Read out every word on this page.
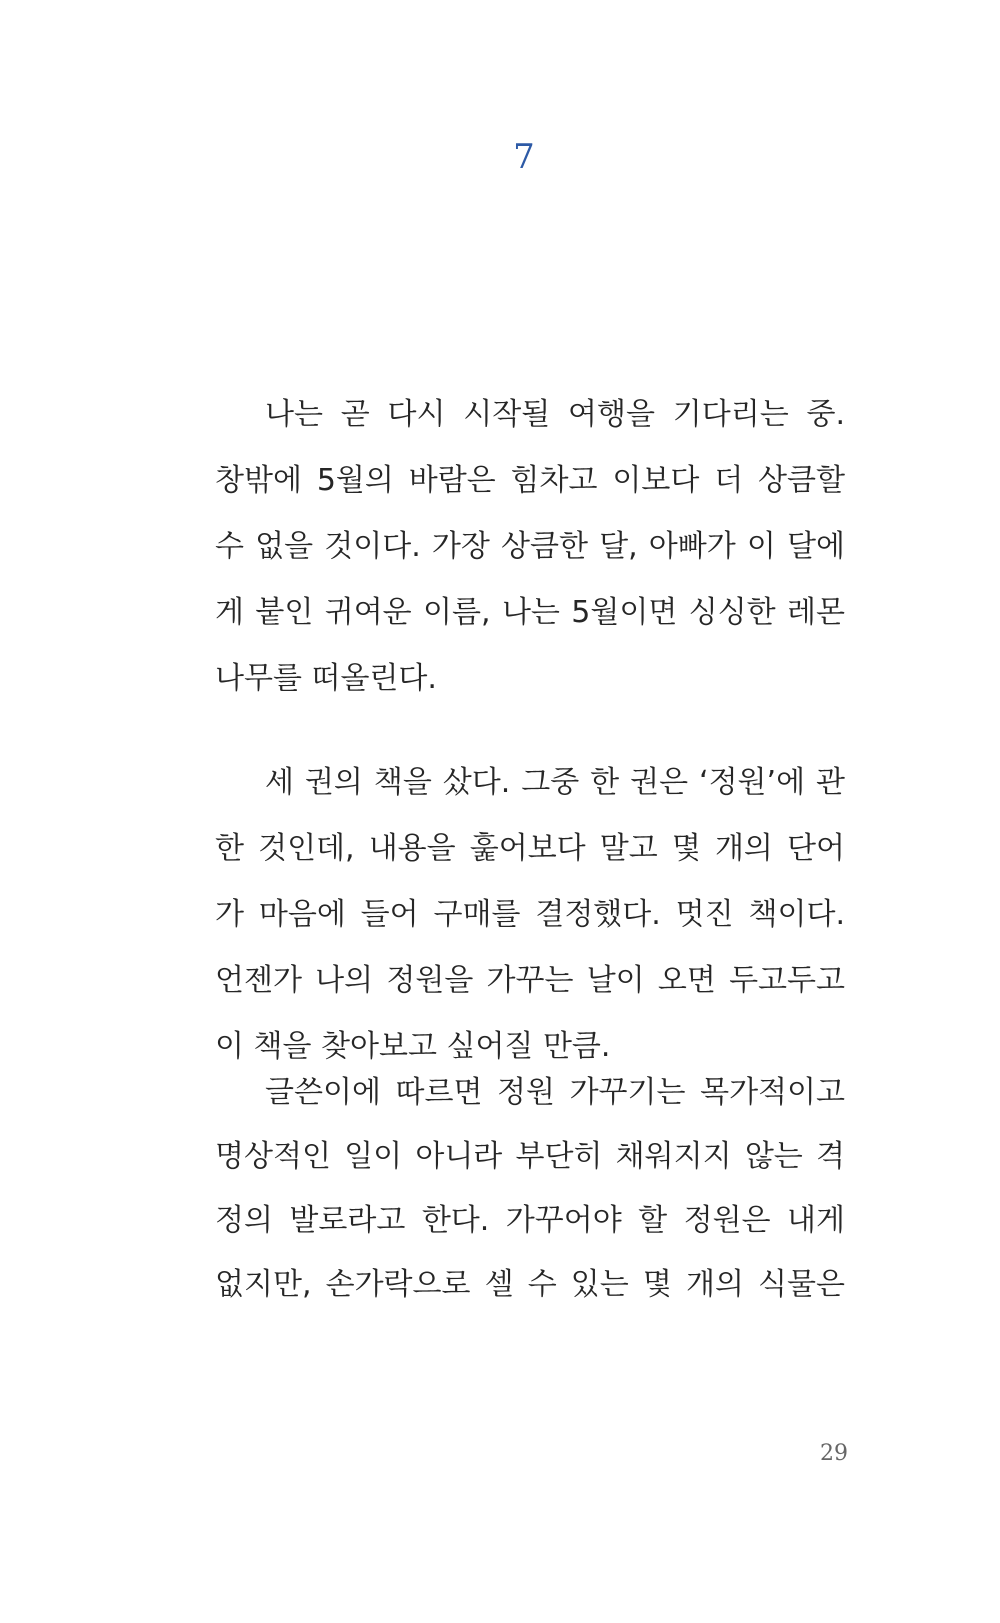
7
나는 곧 다시 시작될 여행을 기다리는 중.
창밖에 5월의 바람은 힘차고 이보다 더 상큼할
수 없을 것이다. 가장 상큼한 달, 아빠가 이 달에
게 붙인 귀여운 이름, 나는 5월이면 싱싱한 레몬
나무를 떠올린다.
세 권의 책을 샀다. 그중 한 권은 ‘정원’에 관
한 것인데, 내용을 훑어보다 말고 몇 개의 단어
가 마음에 들어 구매를 결정했다. 멋진 책이다.
언젠가 나의 정원을 가꾸는 날이 오면 두고두고
이 책을 찾아보고 싶어질 만큼.
글쓴이에 따르면 정원 가꾸기는 목가적이고
명상적인 일이 아니라 부단히 채워지지 않는 격
정의 발로라고 한다. 가꾸어야 할 정원은 내게
없지만, 손가락으로 셀 수 있는 몇 개의 식물은
29
